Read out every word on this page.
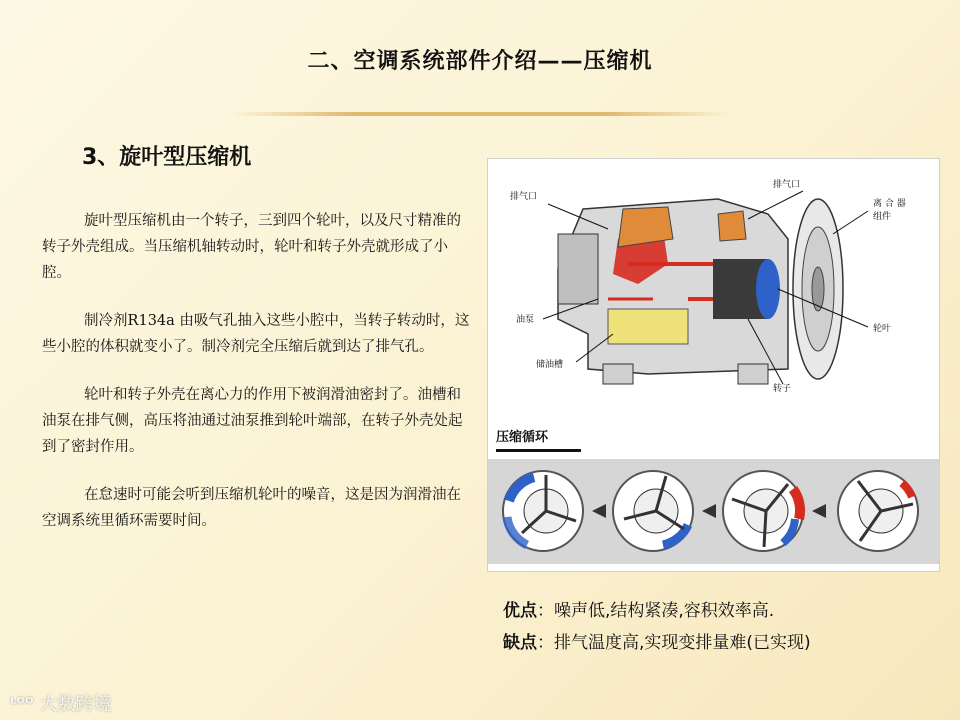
二、空调系统部件介绍——压缩机
3、旋叶型压缩机

旋叶型压缩机由一个转子，三到四个轮叶，以及尺寸精准的转子外壳组成。当压缩机轴转动时，轮叶和转子外壳就形成了小腔。

制冷剂R134a 由吸气孔抽入这些小腔中，当转子转动时，这些小腔的体积就变小了。制冷剂完全压缩后就到达了排气孔。

轮叶和转子外壳在离心力的作用下被润滑油密封了。油槽和油泵在排气侧，高压将油通过油泵推到轮叶端部，在转子外壳处起到了密封作用。

在怠速时可能会听到压缩机轮叶的噪音，这是因为润滑油在空调系统里循环需要时间。

排气口
排气口
离 合 器
组件
油泵
储油槽
轮叶
转子
压缩循环
优点：噪声低,结构紧凑,容积效率高.
缺点：排气温度高,实现变排量难(已实现)
ᴸᴼᴼ 大数跨境
